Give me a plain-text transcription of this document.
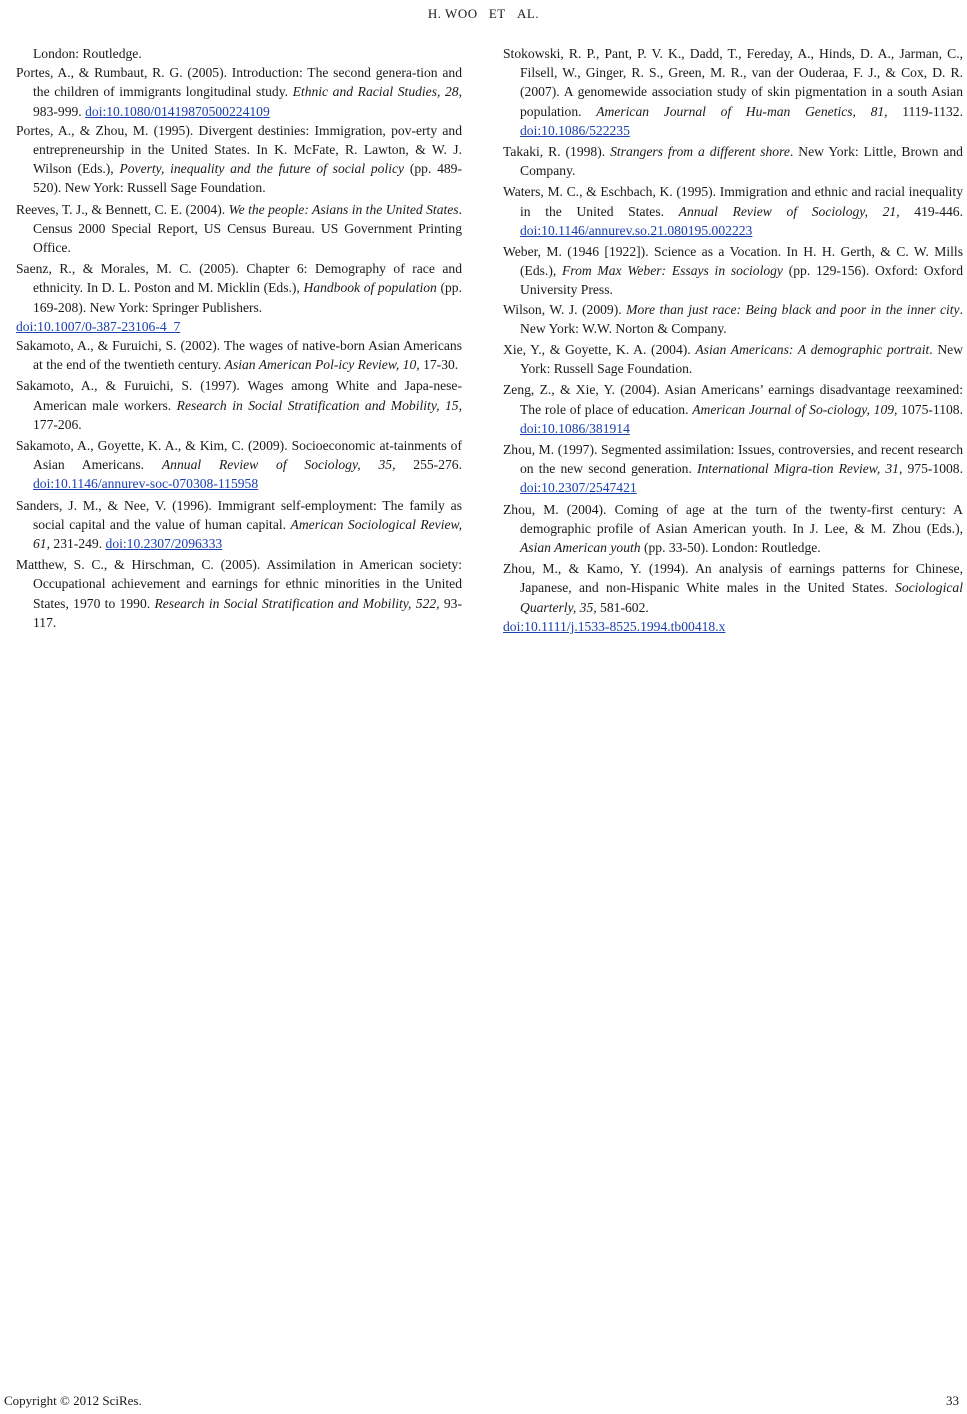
H. WOO   ET   AL.

London: Routledge.

Portes, A., & Rumbaut, R. G. (2005). Introduction: The second genera-tion and the children of immigrants longitudinal study. Ethnic and Racial Studies, 28, 983-999. doi:10.1080/01419870500224109

Portes, A., & Zhou, M. (1995). Divergent destinies: Immigration, pov-erty and entrepreneurship in the United States. In K. McFate, R. Lawton, & W. J. Wilson (Eds.), Poverty, inequality and the future of social policy (pp. 489-520). New York: Russell Sage Foundation.

Reeves, T. J., & Bennett, C. E. (2004). We the people: Asians in the United States. Census 2000 Special Report, US Census Bureau. US Government Printing Office.

Saenz, R., & Morales, M. C. (2005). Chapter 6: Demography of race and ethnicity. In D. L. Poston and M. Micklin (Eds.), Handbook of population (pp. 169-208). New York: Springer Publishers.
doi:10.1007/0-387-23106-4_7

Sakamoto, A., & Furuichi, S. (2002). The wages of native-born Asian Americans at the end of the twentieth century. Asian American Pol-icy Review, 10, 17-30.

Sakamoto, A., & Furuichi, S. (1997). Wages among White and Japa-nese-American male workers. Research in Social Stratification and Mobility, 15, 177-206.

Sakamoto, A., Goyette, K. A., & Kim, C. (2009). Socioeconomic at-tainments of Asian Americans. Annual Review of Sociology, 35, 255-276. doi:10.1146/annurev-soc-070308-115958

Sanders, J. M., & Nee, V. (1996). Immigrant self-employment: The family as social capital and the value of human capital. American Sociological Review, 61, 231-249. doi:10.2307/2096333

Matthew, S. C., & Hirschman, C. (2005). Assimilation in American society: Occupational achievement and earnings for ethnic minorities in the United States, 1970 to 1990. Research in Social Stratification and Mobility, 522, 93-117.

Stokowski, R. P., Pant, P. V. K., Dadd, T., Fereday, A., Hinds, D. A., Jarman, C., Filsell, W., Ginger, R. S., Green, M. R., van der Ouderaa, F. J., & Cox, D. R. (2007). A genomewide association study of skin pigmentation in a south Asian population. American Journal of Hu-man Genetics, 81, 1119-1132. doi:10.1086/522235

Takaki, R. (1998). Strangers from a different shore. New York: Little, Brown and Company.

Waters, M. C., & Eschbach, K. (1995). Immigration and ethnic and racial inequality in the United States. Annual Review of Sociology, 21, 419-446. doi:10.1146/annurev.so.21.080195.002223

Weber, M. (1946 [1922]). Science as a Vocation. In H. H. Gerth, & C. W. Mills (Eds.), From Max Weber: Essays in sociology (pp. 129-156). Oxford: Oxford University Press.

Wilson, W. J. (2009). More than just race: Being black and poor in the inner city. New York: W.W. Norton & Company.

Xie, Y., & Goyette, K. A. (2004). Asian Americans: A demographic portrait. New York: Russell Sage Foundation.

Zeng, Z., & Xie, Y. (2004). Asian Americans’ earnings disadvantage reexamined: The role of place of education. American Journal of So-ciology, 109, 1075-1108. doi:10.1086/381914

Zhou, M. (1997). Segmented assimilation: Issues, controversies, and recent research on the new second generation. International Migra-tion Review, 31, 975-1008. doi:10.2307/2547421

Zhou, M. (2004). Coming of age at the turn of the twenty-first century: A demographic profile of Asian American youth. In J. Lee, & M. Zhou (Eds.), Asian American youth (pp. 33-50). London: Routledge.

Zhou, M., & Kamo, Y. (1994). An analysis of earnings patterns for Chinese, Japanese, and non-Hispanic White males in the United States. Sociological Quarterly, 35, 581-602.
doi:10.1111/j.1533-8525.1994.tb00418.x

Copyright © 2012 SciRes.	33
